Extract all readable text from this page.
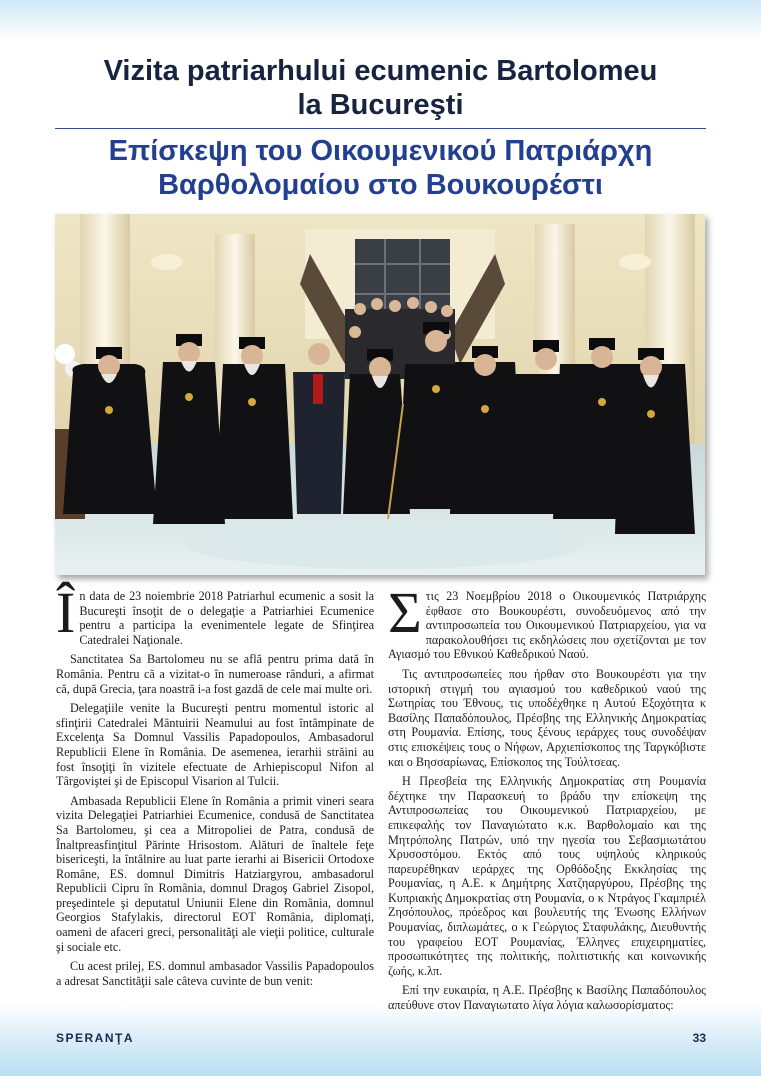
Vizita patriarhului ecumenic Bartolomeu
la Bucureşti
Επίσκεψη του Οικουμενικού Πατριάρχη
Βαρθολομαίου στο Βουκουρέστι

În data de 23 noiembrie 2018 Patriarhul ecumenic a sosit la Bucureşti însoţit de o delegaţie a Patriarhiei Ecumenice pentru a participa la evenimentele legate de Sfinţirea Catedralei Naţionale.

Sanctitatea Sa Bartolomeu nu se află pentru prima dată în România. Pentru că a vizitat-o în numeroase rânduri, a afirmat că, după Grecia, ţara noastră i-a fost gazdă de cele mai multe ori.

Delegaţiile venite la Bucureşti pentru momentul istoric al sfinţirii Catedralei Mântuirii Neamului au fost întâmpinate de Excelenţa Sa Domnul Vassilis Papadopoulos, Ambasadorul Republicii Elene în România. De asemenea, ierarhii străini au fost însoţiţi în vizitele efectuate de Arhiepiscopul Nifon al Târgoviştei şi de Episcopul Visarion al Tulcii.

Ambasada Republicii Elene în România a primit vineri seara vizita Delegaţiei Patriarhiei Ecumenice, condusă de Sanctitatea Sa Bartolomeu, şi cea a Mitropoliei de Patra, condusă de Înaltpreasfinţitul Părinte Hrisostom. Alături de înaltele feţe bisericeşti, la întâlnire au luat parte ierarhi ai Bisericii Ortodoxe Române, ES. domnul Dimitris Hatziargyrou, ambasadorul Republicii Cipru în România, domnul Dragoş Gabriel Zisopol, preşedintele şi deputatul Uniunii Elene din România, domnul Georgios Stafylakis, directorul EOT România, diplomaţi, oameni de afaceri greci, personalităţi ale vieţii politice, culturale şi sociale etc.

Cu acest prilej, ES. domnul ambasador Vassilis Papadopoulos a adresat Sanctităţii sale câteva cuvinte de bun venit:

Στις 23 Νοεμβρίου 2018 ο Οικουμενικός Πατριάρχης έφθασε στο Βουκουρέστι, συνοδευόμενος από την αντιπροσωπεία του Οικουμενικού Πατριαρχείου, για να παρακολουθήσει τις εκδηλώσεις που σχετίζονται με τον Αγιασμό του Εθνικού Καθεδρικού Ναού.

Τις αντιπροσωπείες που ήρθαν στο Βουκουρέστι για την ιστορική στιγμή του αγιασμού του καθεδρικού ναού της Σωτηρίας του Έθνους, τις υποδέχθηκε η Αυτού Εξοχότητα κ Βασίλης Παπαδόπουλος, Πρέσβης της Ελληνικής Δημοκρατίας στη Ρουμανία. Επίσης, τους ξένους ιεράρχες τους συνοδέψαν στις επισκέψεις τους ο Νήφων, Αρχιεπίσκοπος της Ταργκόβιστε και ο Βησσαρίωνας, Επίσκοπος της Τούλτσεας.

Η Πρεσβεία της Ελληνικής Δημοκρατίας στη Ρουμανία δέχτηκε την Παρασκευή το βράδυ την επίσκεψη της Αντιπροσωπείας του Οικουμενικού Πατριαρχείου, με επικεφαλής τον Παναγιώτατο κ.κ. Βαρθολομαίο και της Μητρόπολης Πατρών, υπό την ηγεσία του Σεβασμιωτάτου Χρυσοστόμου. Εκτός από τους υψηλούς κληρικούς παρευρέθηκαν ιεράρχες της Ορθόδοξης Εκκλησίας της Ρουμανίας, η Α.Ε. κ Δημήτρης Χατζηαργύρου, Πρέσβης της Κυπριακής Δημοκρατίας στη Ρουμανία, ο κ Ντράγος Γκαμπριέλ Ζησόπουλος, πρόεδρος και βουλευτής της Ένωσης Ελλήνων Ρουμανίας, διπλωμάτες, ο κ Γεώργιος Σταφυλάκης, Διευθυντής του γραφείου ΕΟΤ Ρουμανίας, Έλληνες επιχειρηματίες, προσωπικότητες της πολιτικής, πολιτιστικής και κοινωνικής ζωής, κ.λπ.

Επί την ευκαιρία, η Α.Ε. Πρέσβης κ Βασίλης Παπαδόπουλος απεύθυνε στον Παναγιωτατο λίγα λόγια καλωσορίσματος:

SPERANŢA	33
